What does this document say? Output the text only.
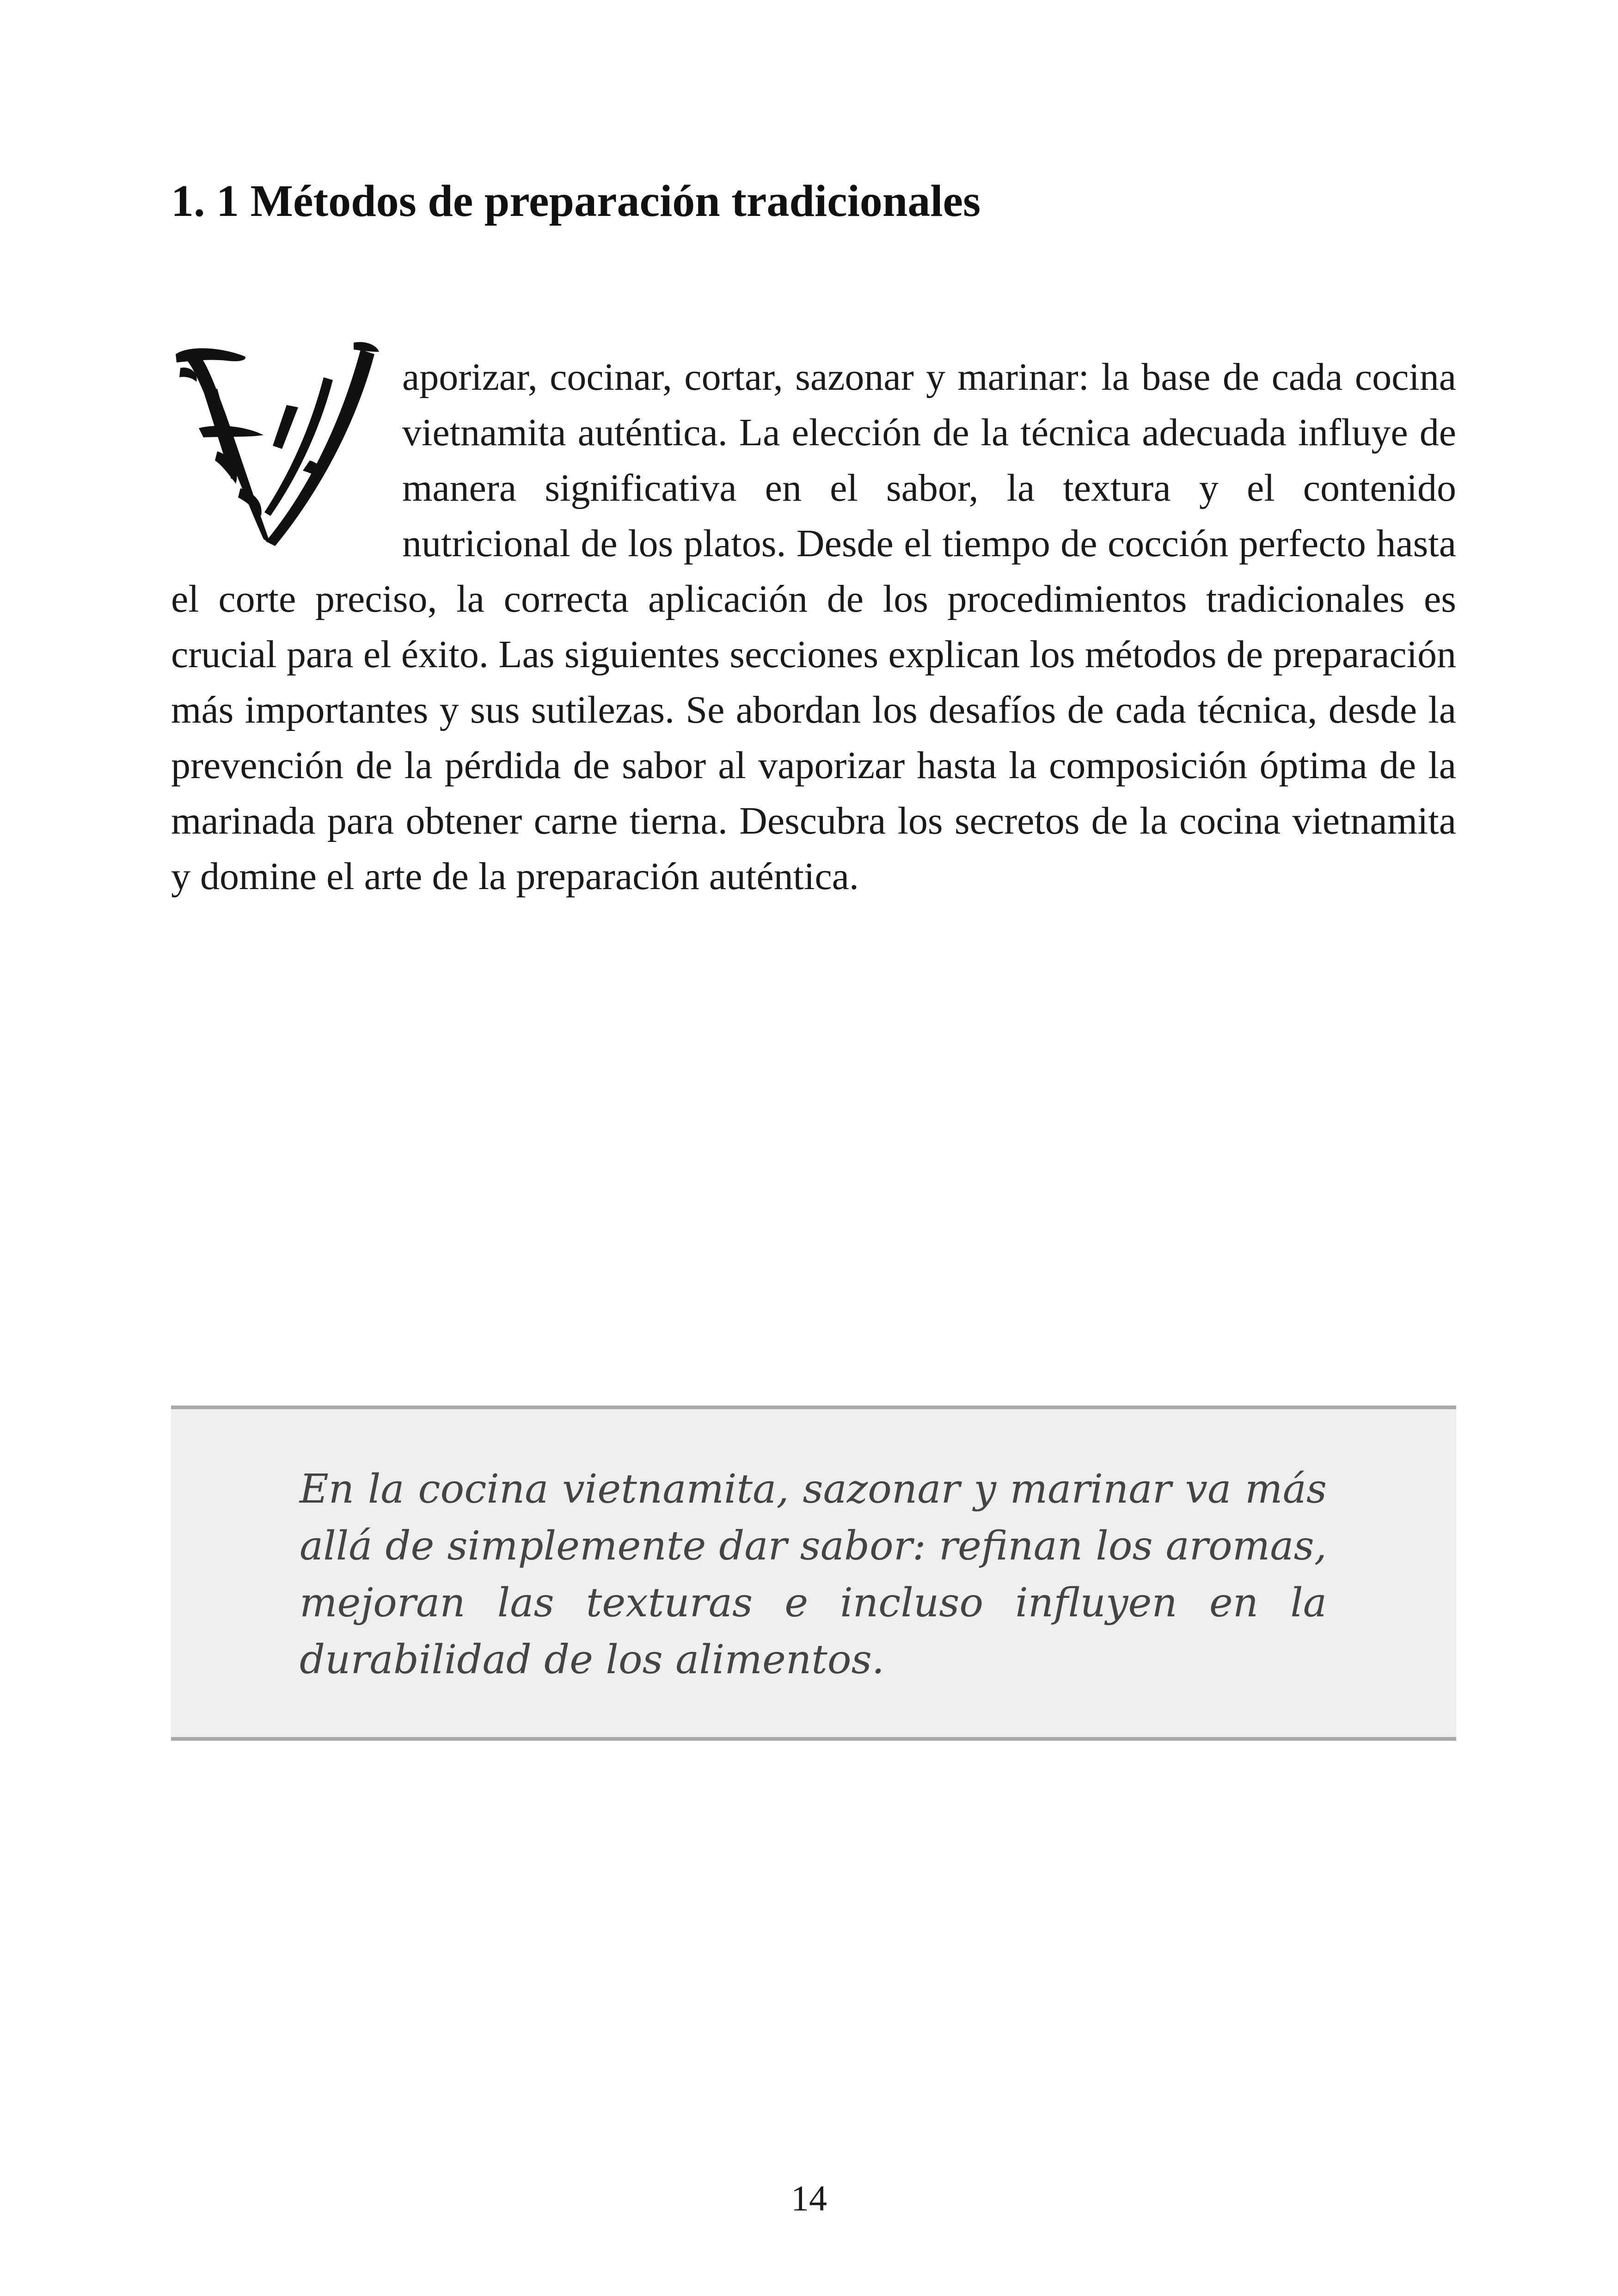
1. 1 Métodos de preparación tradicionales

aporizar, cocinar, cortar, sazonar y marinar: la base de cada cocina vietnamita auténtica. La elección de la técnica adecuada influye de manera significativa en el sabor, la textura y el contenido nutricional de los platos. Desde el tiempo de cocción perfecto hasta el corte preciso, la correcta aplicación de los procedimientos tradicionales es crucial para el éxito. Las siguientes secciones explican los métodos de preparación más importantes y sus sutilezas. Se abordan los desafíos de cada técnica, desde la prevención de la pérdida de sabor al vaporizar hasta la composición óptima de la marinada para obtener carne tierna. Descubra los secretos de la cocina vietnamita y domine el arte de la preparación auténtica.

En la cocina vietnamita, sazonar y marinar va más allá de simplemente dar sabor: refinan los aromas, mejoran las texturas e incluso influyen en la durabilidad de los alimentos.

14
